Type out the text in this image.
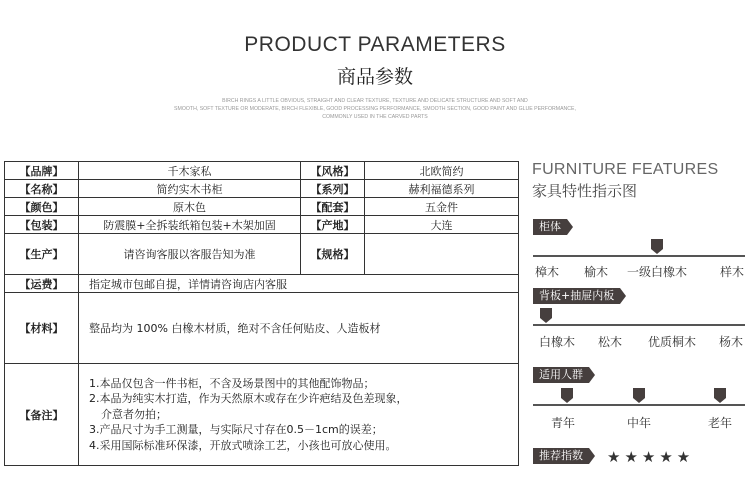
PRODUCT PARAMETERS
商品参数
BIRCH RINGS A LITTLE OBVIOUS, STRAIGHT AND CLEAR TEXTURE, TEXTURE AND DELICATE STRUCTURE AND SOFT AND
SMOOTH, SOFT TEXTURE OR MODERATE, BIRCH FLEXIBLE, GOOD PROCESSING PERFORMANCE, SMOOTH SECTION, GOOD PAINT AND GLUE PERFORMANCE,
COMMONLY USED IN THE CARVED PARTS
【品牌】	千木家私	【风格】	北欧简约
【名称】	简约实木书柜	【系列】	赫利福德系列
【颜色】	原木色	【配套】	五金件
【包装】	防震膜+全拆装纸箱包装+木架加固	【产地】	大连
【生产】	请咨询客服以客服告知为准	【规格】	
【运费】	指定城市包邮自提，详情请咨询店内客服		
【材料】	整品均为 100% 白橡木材质，绝对不含任何贴皮、人造板材		
【备注】	1.本品仅包含一件书柜，不含及场景图中的其他配饰物品；
2.本品为纯实木打造，作为天然原木或存在少许疤结及色差现象，
介意者勿拍；
3.产品尺寸为手工测量，与实际尺寸存在0.5－1cm的误差；
4.采用国际标准环保漆，开放式喷涂工艺，小孩也可放心使用。		
FURNITURE FEATURES
家具特性指示图
柜体
樟木 榆木 一级白橡木	样木
背板+抽屉内板
白橡木 松木 优质桐木 杨木
适用人群
青年	中年	老年
推荐指数	★★★★★
